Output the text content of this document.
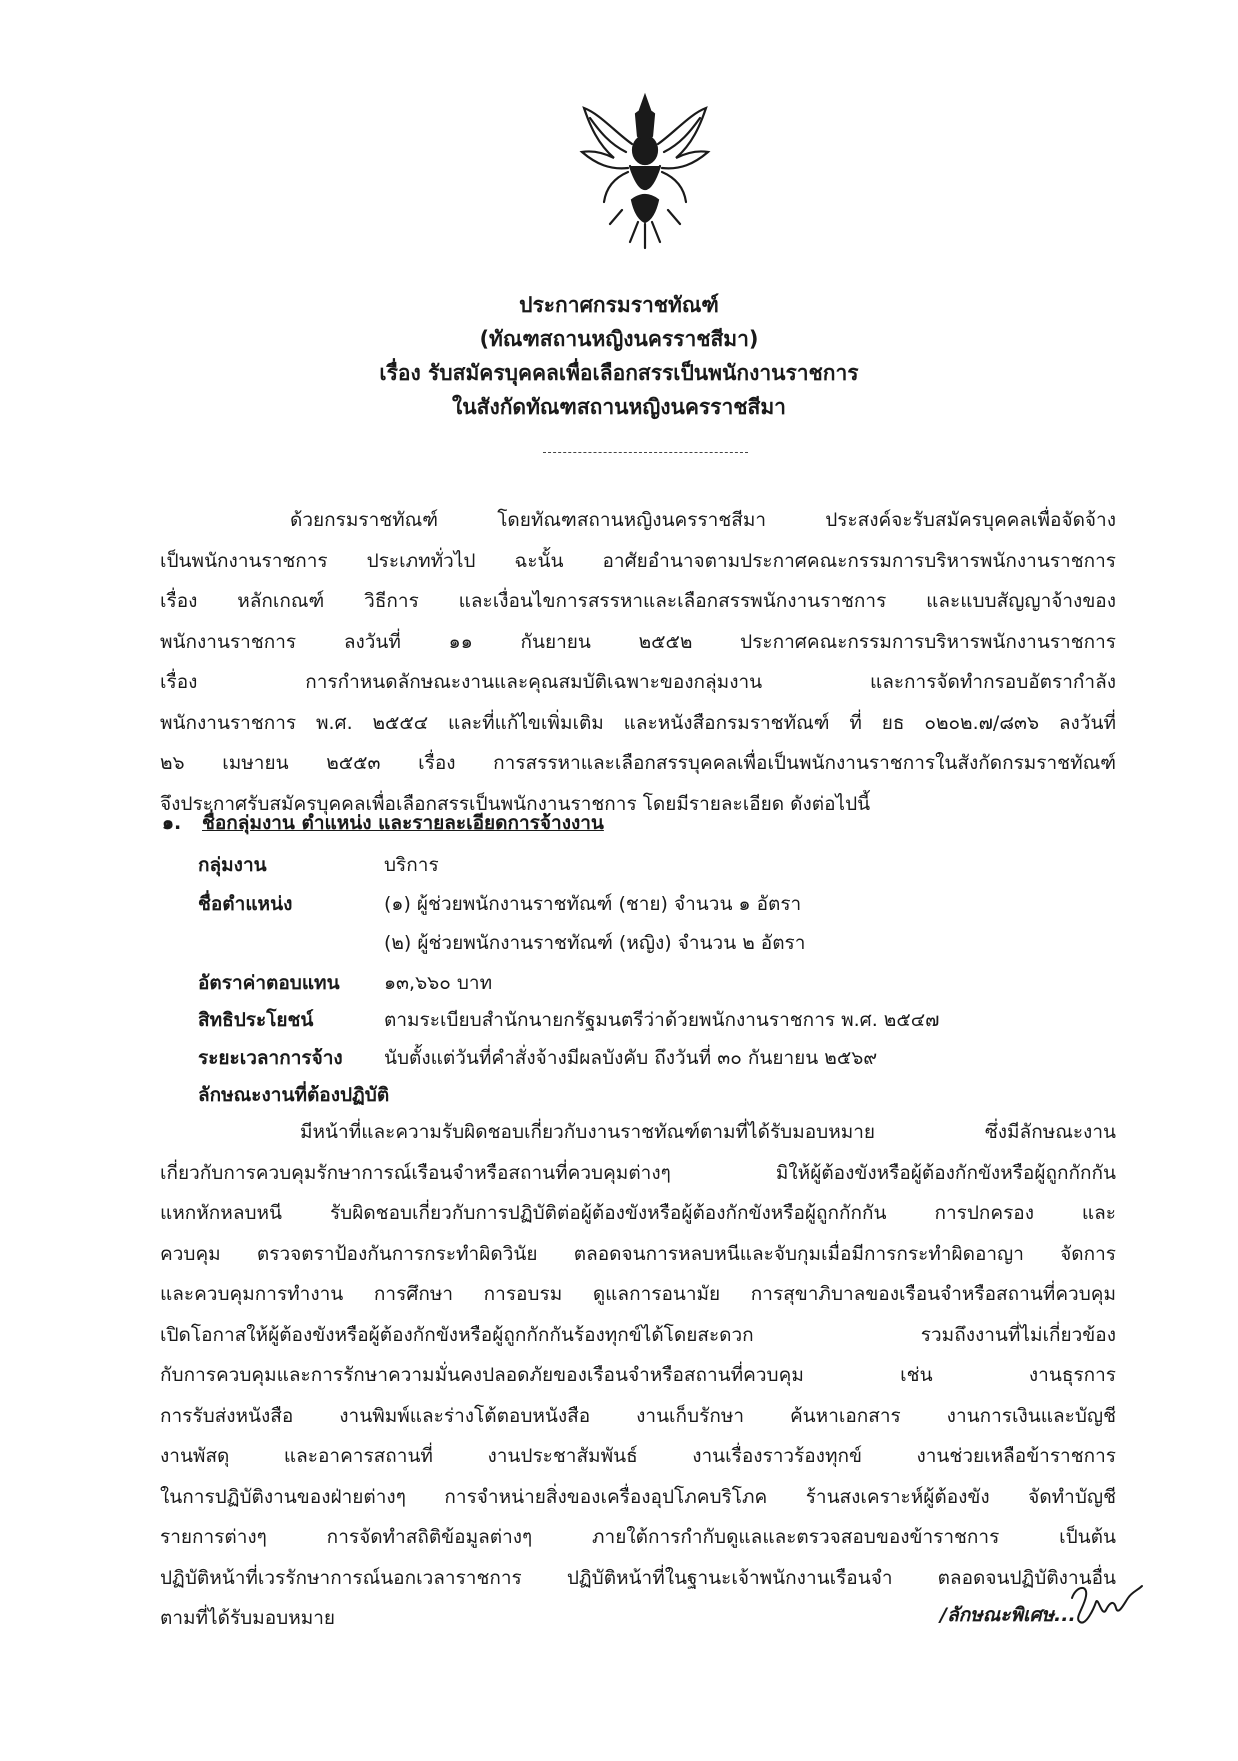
ประกาศกรมราชทัณฑ์
(ทัณฑสถานหญิงนครราชสีมา)
เรื่อง รับสมัครบุคคลเพื่อเลือกสรรเป็นพนักงานราชการ
ในสังกัดทัณฑสถานหญิงนครราชสีมา
ด้วยกรมราชทัณฑ์ โดยทัณฑสถานหญิงนครราชสีมา ประสงค์จะรับสมัครบุคคลเพื่อจัดจ้าง
เป็นพนักงานราชการ ประเภททั่วไป ฉะนั้น อาศัยอำนาจตามประกาศคณะกรรมการบริหารพนักงานราชการ
เรื่อง หลักเกณฑ์ วิธีการ และเงื่อนไขการสรรหาและเลือกสรรพนักงานราชการ และแบบสัญญาจ้างของ
พนักงานราชการ ลงวันที่ ๑๑ กันยายน ๒๕๕๒ ประกาศคณะกรรมการบริหารพนักงานราชการ
เรื่อง การกำหนดลักษณะงานและคุณสมบัติเฉพาะของกลุ่มงาน และการจัดทำกรอบอัตรากำลัง
พนักงานราชการ พ.ศ. ๒๕๕๔ และที่แก้ไขเพิ่มเติม และหนังสือกรมราชทัณฑ์ ที่ ยธ ๐๒๐๒.๗/๘๓๖ ลงวันที่
๒๖ เมษายน ๒๕๕๓ เรื่อง การสรรหาและเลือกสรรบุคคลเพื่อเป็นพนักงานราชการในสังกัดกรมราชทัณฑ์
จึงประกาศรับสมัครบุคคลเพื่อเลือกสรรเป็นพนักงานราชการ โดยมีรายละเอียด ดังต่อไปนี้
๑. ชื่อกลุ่มงาน ตำแหน่ง และรายละเอียดการจ้างงาน
กลุ่มงาน	บริการ
ชื่อตำแหน่ง	(๑) ผู้ช่วยพนักงานราชทัณฑ์ (ชาย) จำนวน ๑ อัตรา
(๒) ผู้ช่วยพนักงานราชทัณฑ์ (หญิง) จำนวน ๒ อัตรา
อัตราค่าตอบแทน ๑๓,๖๖๐ บาท
สิทธิประโยชน์	ตามระเบียบสำนักนายกรัฐมนตรีว่าด้วยพนักงานราชการ พ.ศ. ๒๕๔๗
ระยะเวลาการจ้าง นับตั้งแต่วันที่คำสั่งจ้างมีผลบังคับ ถึงวันที่ ๓๐ กันยายน ๒๕๖๙
ลักษณะงานที่ต้องปฏิบัติ
มีหน้าที่และความรับผิดชอบเกี่ยวกับงานราชทัณฑ์ตามที่ได้รับมอบหมาย ซึ่งมีลักษณะงาน
เกี่ยวกับการควบคุมรักษาการณ์เรือนจำหรือสถานที่ควบคุมต่างๆ มิให้ผู้ต้องขังหรือผู้ต้องกักขังหรือผู้ถูกกักกัน
แหกหักหลบหนี รับผิดชอบเกี่ยวกับการปฏิบัติต่อผู้ต้องขังหรือผู้ต้องกักขังหรือผู้ถูกกักกัน การปกครอง และ
ควบคุม ตรวจตราป้องกันการกระทำผิดวินัย ตลอดจนการหลบหนีและจับกุมเมื่อมีการกระทำผิดอาญา จัดการ
และควบคุมการทำงาน การศึกษา การอบรม ดูแลการอนามัย การสุขาภิบาลของเรือนจำหรือสถานที่ควบคุม
เปิดโอกาสให้ผู้ต้องขังหรือผู้ต้องกักขังหรือผู้ถูกกักกันร้องทุกข์ได้โดยสะดวก รวมถึงงานที่ไม่เกี่ยวข้อง
กับการควบคุมและการรักษาความมั่นคงปลอดภัยของเรือนจำหรือสถานที่ควบคุม เช่น งานธุรการ
การรับส่งหนังสือ งานพิมพ์และร่างโต้ตอบหนังสือ งานเก็บรักษา ค้นหาเอกสาร งานการเงินและบัญชี
งานพัสดุ และอาคารสถานที่ งานประชาสัมพันธ์ งานเรื่องราวร้องทุกข์ งานช่วยเหลือข้าราชการ
ในการปฏิบัติงานของฝ่ายต่างๆ การจำหน่ายสิ่งของเครื่องอุปโภคบริโภค ร้านสงเคราะห์ผู้ต้องขัง จัดทำบัญชี
รายการต่างๆ การจัดทำสถิติข้อมูลต่างๆ ภายใต้การกำกับดูแลและตรวจสอบของข้าราชการ เป็นต้น
ปฏิบัติหน้าที่เวรรักษาการณ์นอกเวลาราชการ ปฏิบัติหน้าที่ในฐานะเจ้าพนักงานเรือนจำ ตลอดจนปฏิบัติงานอื่น
ตามที่ได้รับมอบหมาย	/ลักษณะพิเศษ...
